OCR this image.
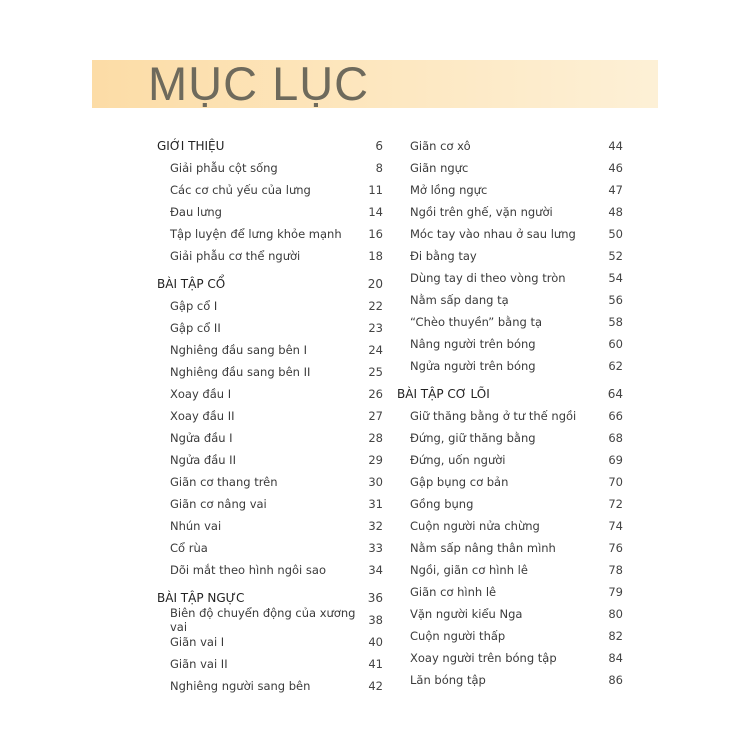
MỤC LỤC
GIỚI THIỆU	6
Giải phẫu cột sống	8
Các cơ chủ yếu của lưng	11
Đau lưng	14
Tập luyện để lưng khỏe mạnh 16
Giải phẫu cơ thể người	18
BÀI TẬP CỔ	20
Gập cổ I	22
Gập cổ II	23
Nghiêng đầu sang bên I	24
Nghiêng đầu sang bên II	25
Xoay đầu I	26
Xoay đầu II	27
Ngửa đầu I	28
Ngửa đầu II	29
Giãn cơ thang trên	30
Giãn cơ nâng vai	31
Nhún vai	32
Cổ rùa	33
Dõi mắt theo hình ngôi sao	34
BÀI TẬP NGỰC	36
Biên độ chuyển động của xương vai	38
Giãn vai I	40
Giãn vai II	41
Nghiêng người sang bên	42
Giãn cơ xô	44
Giãn ngực	46
Mở lồng ngực	47
Ngồi trên ghế, vặn người	48
Móc tay vào nhau ở sau lưng	50
Đi bằng tay	52
Dùng tay di theo vòng tròn	54
Nằm sấp dang tạ	56
“Chèo thuyền” bằng tạ	58
Nâng người trên bóng	60
Ngửa người trên bóng	62
BÀI TẬP CƠ LÕI	64
Giữ thăng bằng ở tư thế ngồi	66
Đứng, giữ thăng bằng	68
Đứng, uốn người	69
Gập bụng cơ bản	70
Gồng bụng	72
Cuộn người nửa chừng	74
Nằm sấp nâng thân mình	76
Ngồi, giãn cơ hình lê	78
Giãn cơ hình lê	79
Vặn người kiểu Nga	80
Cuộn người thấp	82
Xoay người trên bóng tập	84
Lăn bóng tập	86
